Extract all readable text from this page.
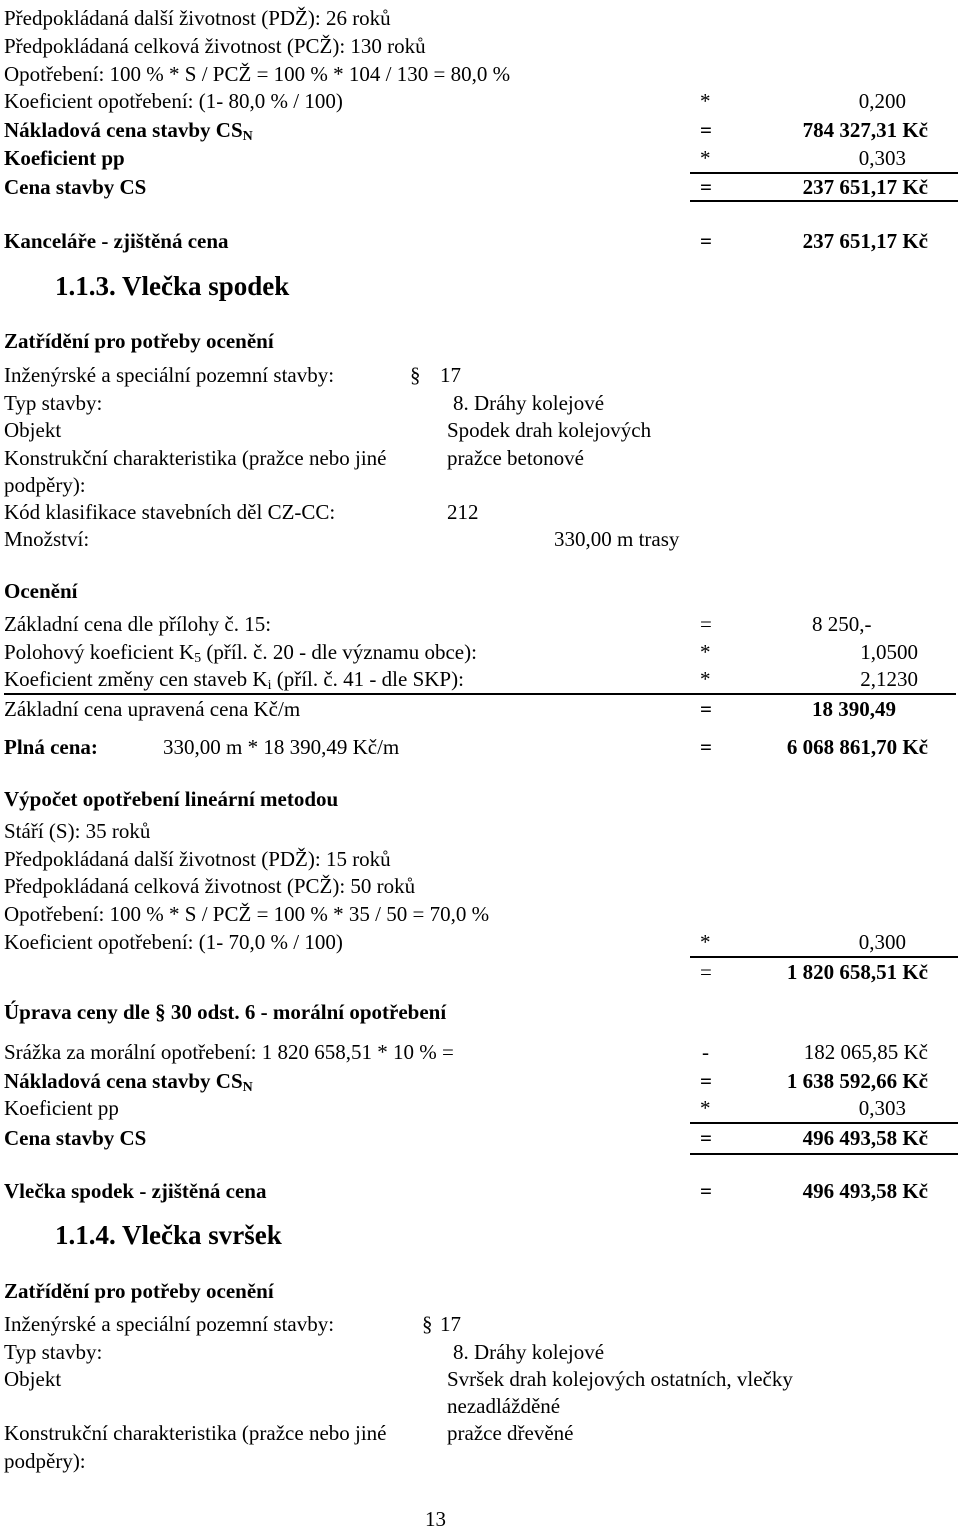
Předpokládaná další životnost (PDŽ): 26 roků
Předpokládaná celková životnost (PCŽ): 130 roků
Opotřebení: 100 % * S / PCŽ = 100 % * 104 / 130 = 80,0 %
Koeficient opotřebení: (1- 80,0 % / 100)	*	0,200
Nákladová cena stavby $CS_N$	=	784 327,31 Kč
Koeficient pp	*	0,303
Cena stavby CS	=	237 651,17 Kč
Kanceláře - zjištěná cena	=	237 651,17 Kč
1.1.3. Vlečka spodek
Zatřídění pro potřeby ocenění
Inženýrské a speciální pozemní stavby:	§ 17
Typ stavby:	8. Dráhy kolejové
Objekt	Spodek drah kolejových
Konstrukční charakteristika (pražce nebo jiné	pražce betonové
podpěry):
Kód klasifikace stavebních děl CZ-CC:	212
Množství:	330,00 m trasy
Ocenění
Základní cena dle přílohy č. 15:	=	8 250,-
Polohový koeficient $K_5$ (příl. č. 20 - dle významu obce):	*	1,0500
Koeficient změny cen staveb $K_i$ (příl. č. 41 - dle SKP):	*	2,1230
Základní cena upravená cena Kč/m	=	18 390,49
Plná cena:	330,00 m * 18 390,49 Kč/m	=	6 068 861,70 Kč
Výpočet opotřebení lineární metodou
Stáří (S): 35 roků
Předpokládaná další životnost (PDŽ): 15 roků
Předpokládaná celková životnost (PCŽ): 50 roků
Opotřebení: 100 % * S / PCŽ = 100 % * 35 / 50 = 70,0 %
Koeficient opotřebení: (1- 70,0 % / 100)	*	0,300
=	1 820 658,51 Kč
Úprava ceny dle § 30 odst. 6 - morální opotřebení
Srážka za morální opotřebení: 1 820 658,51 * 10 % =	-	182 065,85 Kč
Nákladová cena stavby $CS_N$	=	1 638 592,66 Kč
Koeficient pp	*	0,303
Cena stavby CS	=	496 493,58 Kč
Vlečka spodek - zjištěná cena	=	496 493,58 Kč
1.1.4. Vlečka svršek
Zatřídění pro potřeby ocenění
Inženýrské a speciální pozemní stavby:	§ 17
Typ stavby:	8. Dráhy kolejové
Objekt	Svršek drah kolejových ostatních, vlečky
nezadlážděné
Konstrukční charakteristika (pražce nebo jiné	pražce dřevěné
podpěry):
13
